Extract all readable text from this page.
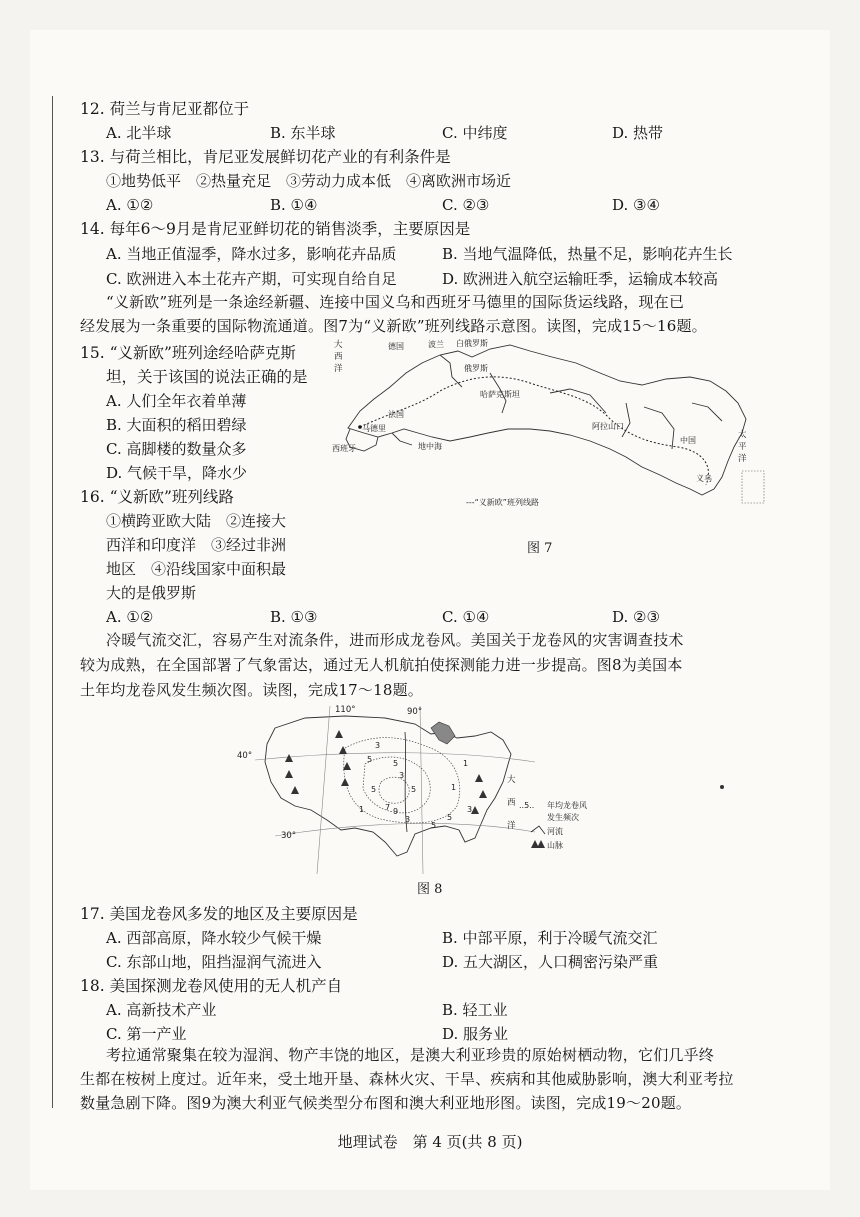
12. 荷兰与肯尼亚都位于
A. 北半球	B. 东半球	C. 中纬度	D. 热带
13. 与荷兰相比，肯尼亚发展鲜切花产业的有利条件是
①地势低平　②热量充足　③劳动力成本低　④离欧洲市场近
A. ①②	B. ①④	C. ②③	D. ③④
14. 每年6～9月是肯尼亚鲜切花的销售淡季，主要原因是
A. 当地正值湿季，降水过多，影响花卉品质	B. 当地气温降低，热量不足，影响花卉生长
C. 欧洲进入本土花卉产期，可实现自给自足	D. 欧洲进入航空运输旺季，运输成本较高
“义新欧”班列是一条途经新疆、连接中国义乌和西班牙马德里的国际货运线路，现在已
经发展为一条重要的国际物流通道。图7为“义新欧”班列线路示意图。读图，完成15～16题。
15. “义新欧”班列途经哈萨克斯
坦，关于该国的说法正确的是
A. 人们全年衣着单薄
B. 大面积的稻田碧绿
C. 高脚楼的数量众多
D. 气候干旱，降水少
16. “义新欧”班列线路
①横跨亚欧大陆　②连接大
西洋和印度洋　③经过非洲
地区　④沿线国家中面积最
大的是俄罗斯
A. ①②	B. ①③	C. ①④	D. ②③
大
西
洋
德国	波兰 白俄罗斯
俄罗斯
哈萨克斯坦
法国
马德里
西班牙	地中海
阿拉山口
中国
太
平
洋
义乌
---“义新欧”班列线路
图 7
冷暖气流交汇，容易产生对流条件，进而形成龙卷风。美国关于龙卷风的灾害调查技术
较为成熟，在全国部署了气象雷达，通过无人机航拍使探测能力进一步提高。图8为美国本
土年均龙卷风发生频次图。读图，完成17～18题。
110°	90°
40°
30°
3
5	5
3
1
5	5
7 9
1
3
5
1
3
5
大
西
洋
..5.. 年均龙卷风
发生频次
河流
山脉
图 8
17. 美国龙卷风多发的地区及主要原因是
A. 西部高原，降水较少气候干燥	B. 中部平原，利于冷暖气流交汇
C. 东部山地，阻挡湿润气流进入	D. 五大湖区，人口稠密污染严重
18. 美国探测龙卷风使用的无人机产自
A. 高新技术产业	B. 轻工业
C. 第一产业	D. 服务业
考拉通常聚集在较为湿润、物产丰饶的地区，是澳大利亚珍贵的原始树栖动物，它们几乎终
生都在桉树上度过。近年来，受土地开垦、森林火灾、干旱、疾病和其他威胁影响，澳大利亚考拉
数量急剧下降。图9为澳大利亚气候类型分布图和澳大利亚地形图。读图，完成19～20题。
地理试卷　第 4 页(共 8 页)
